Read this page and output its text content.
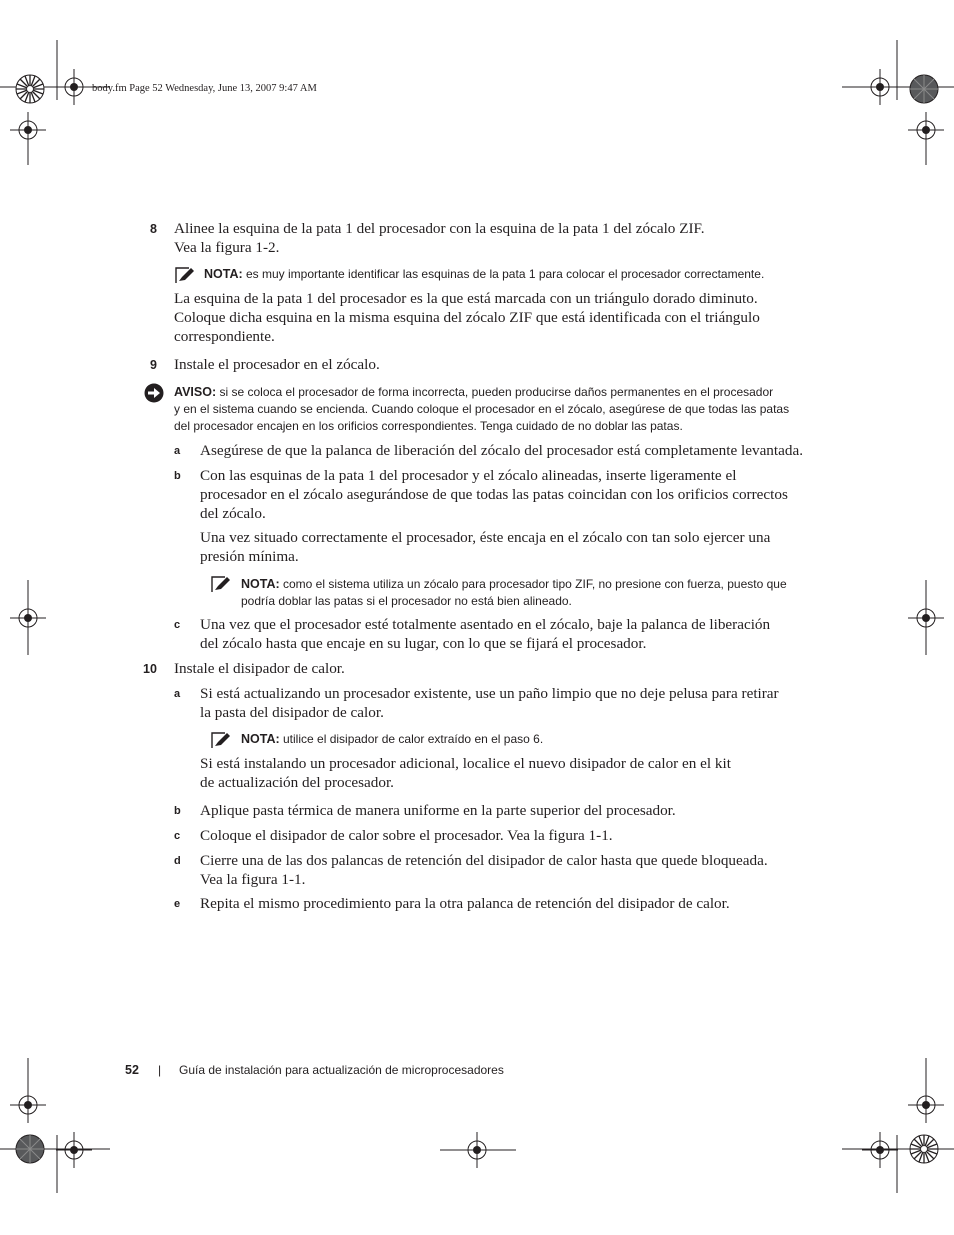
body.fm Page 52 Wednesday, June 13, 2007 9:47 AM
8 Alinee la esquina de la pata 1 del procesador con la esquina de la pata 1 del zócalo ZIF.
Vea la figura 1-2.
NOTA: es muy importante identificar las esquinas de la pata 1 para colocar el procesador correctamente.
La esquina de la pata 1 del procesador es la que está marcada con un triángulo dorado diminuto.
Coloque dicha esquina en la misma esquina del zócalo ZIF que está identificada con el triángulo
correspondiente.
9 Instale el procesador en el zócalo.
AVISO: si se coloca el procesador de forma incorrecta, pueden producirse daños permanentes en el procesador
y en el sistema cuando se encienda. Cuando coloque el procesador en el zócalo, asegúrese de que todas las patas
del procesador encajen en los orificios correspondientes. Tenga cuidado de no doblar las patas.
a Asegúrese de que la palanca de liberación del zócalo del procesador está completamente levantada.
b Con las esquinas de la pata 1 del procesador y el zócalo alineadas, inserte ligeramente el
procesador en el zócalo asegurándose de que todas las patas coincidan con los orificios correctos
del zócalo.
Una vez situado correctamente el procesador, éste encaja en el zócalo con tan solo ejercer una
presión mínima.
NOTA: como el sistema utiliza un zócalo para procesador tipo ZIF, no presione con fuerza, puesto que
podría doblar las patas si el procesador no está bien alineado.
c Una vez que el procesador esté totalmente asentado en el zócalo, baje la palanca de liberación
del zócalo hasta que encaje en su lugar, con lo que se fijará el procesador.
10 Instale el disipador de calor.
a Si está actualizando un procesador existente, use un paño limpio que no deje pelusa para retirar
la pasta del disipador de calor.
NOTA: utilice el disipador de calor extraído en el paso 6.
Si está instalando un procesador adicional, localice el nuevo disipador de calor en el kit
de actualización del procesador.
b Aplique pasta térmica de manera uniforme en la parte superior del procesador.
c Coloque el disipador de calor sobre el procesador. Vea la figura 1-1.
d Cierre una de las dos palancas de retención del disipador de calor hasta que quede bloqueada.
Vea la figura 1-1.
e Repita el mismo procedimiento para la otra palanca de retención del disipador de calor.
52 | Guía de instalación para actualización de microprocesadores
